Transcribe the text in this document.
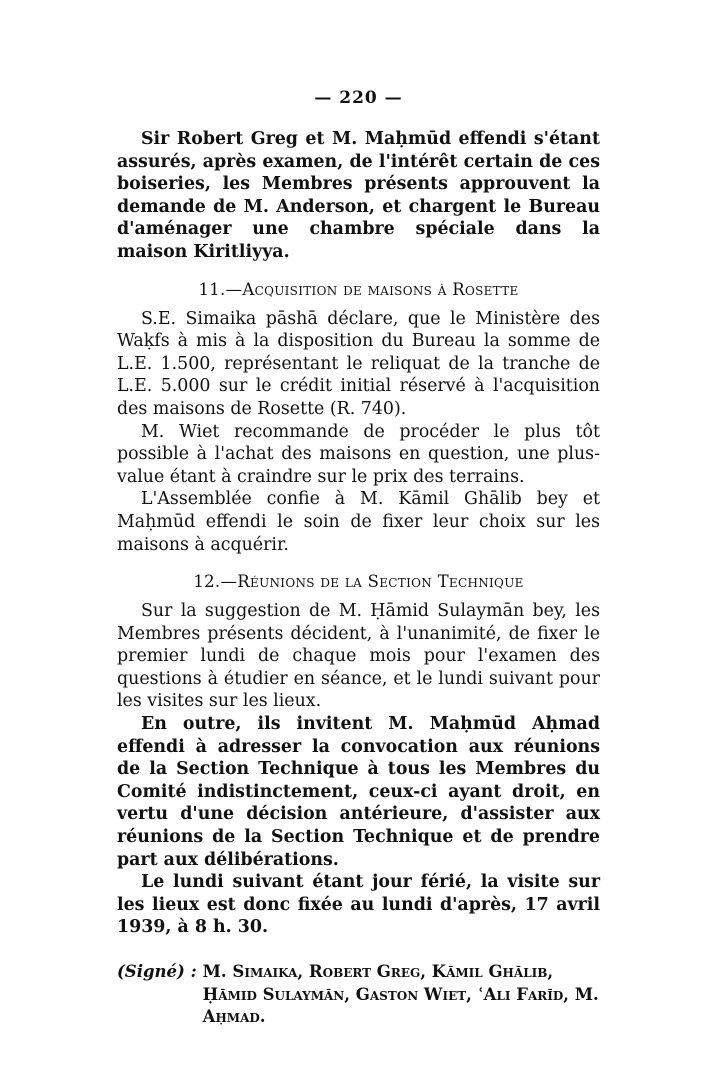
— 220 —

Sir Robert Greg et M. Maḥmūd effendi s'étant assurés, après examen, de l'intérêt certain de ces boiseries, les Membres présents approuvent la demande de M. Anderson, et chargent le Bureau d'aménager une chambre spéciale dans la maison Kiritliyya.

11.—Acquisition de maisons à Rosette

S.E. Simaika pāshā déclare, que le Ministère des Waḳfs à mis à la disposition du Bureau la somme de L.E. 1.500, représentant le reliquat de la tranche de L.E. 5.000 sur le crédit initial réservé à l'acquisition des maisons de Rosette (R. 740).

M. Wiet recommande de procéder le plus tôt possible à l'achat des maisons en question, une plus-value étant à craindre sur le prix des terrains.

L'Assemblée confie à M. Kāmil Ghālib bey et Maḥmūd effendi le soin de fixer leur choix sur les maisons à acquérir.

12.—Réunions de la Section Technique

Sur la suggestion de M. Ḥāmid Sulaymān bey, les Membres présents décident, à l'unanimité, de fixer le premier lundi de chaque mois pour l'examen des questions à étudier en séance, et le lundi suivant pour les visites sur les lieux.

En outre, ils invitent M. Maḥmūd Aḥmad effendi à adresser la convocation aux réunions de la Section Technique à tous les Membres du Comité indistinctement, ceux-ci ayant droit, en vertu d'une décision antérieure, d'assister aux réunions de la Section Technique et de prendre part aux délibérations.

Le lundi suivant étant jour férié, la visite sur les lieux est donc fixée au lundi d'après, 17 avril 1939, à 8 h. 30.

(Signé) : M. Simaika, Robert Greg, Kāmil Ghālib, Ḥāmid Sulaymān, Gaston Wiet, ʿAli Farīd, M. Aḥmad.
